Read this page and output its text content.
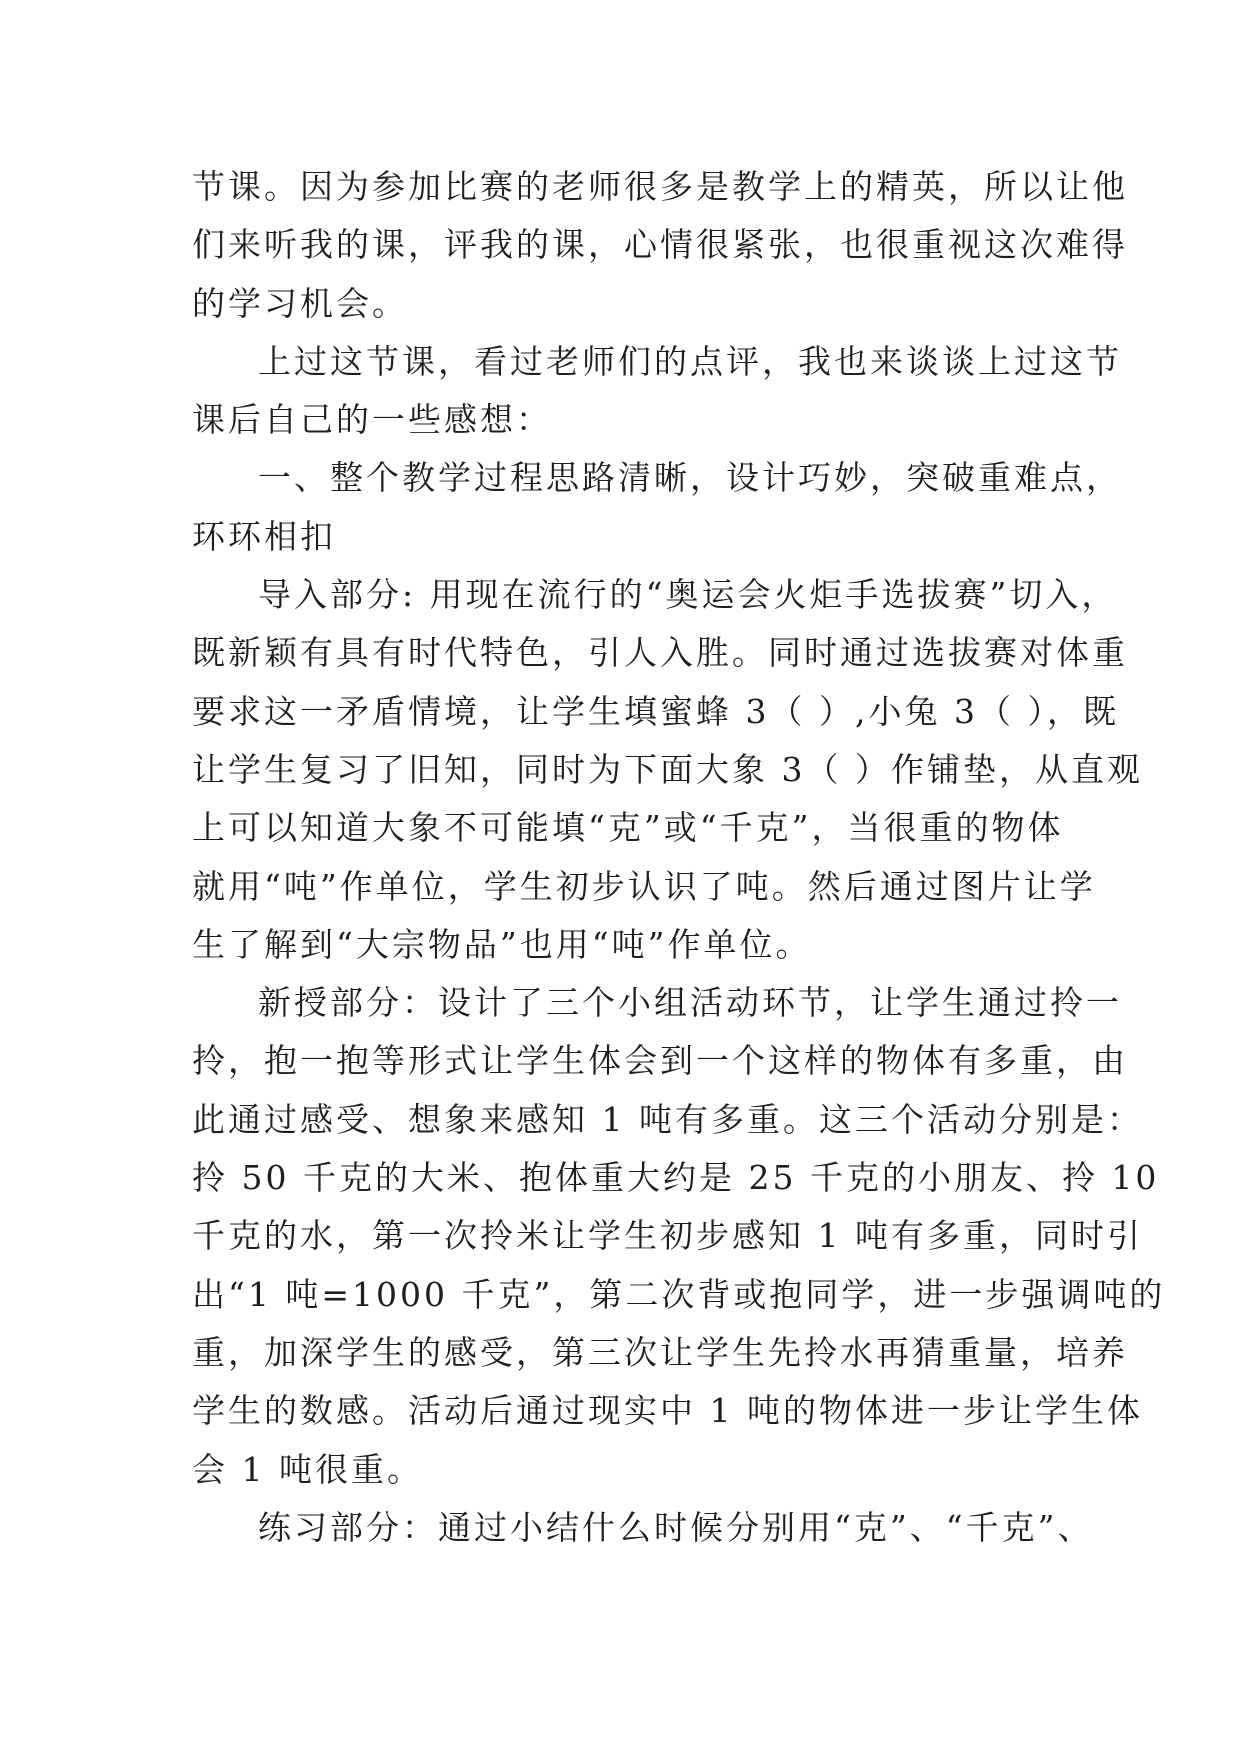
节课。因为参加比赛的老师很多是教学上的精英，所以让他
们来听我的课，评我的课，心情很紧张，也很重视这次难得
的学习机会。
上过这节课，看过老师们的点评，我也来谈谈上过这节
课后自己的一些感想：
一、整个教学过程思路清晰，设计巧妙，突破重难点，
环环相扣
导入部分: 用现在流行的“奥运会火炬手选拔赛”切入，
既新颖有具有时代特色，引人入胜。同时通过选拔赛对体重
要求这一矛盾情境，让学生填蜜蜂 3（ ）,小兔 3（ ），既
让学生复习了旧知，同时为下面大象 3（ ）作铺垫，从直观
上可以知道大象不可能填“克”或“千克”，当很重的物体
就用“吨”作单位，学生初步认识了吨。然后通过图片让学
生了解到“大宗物品”也用“吨”作单位。
新授部分：设计了三个小组活动环节，让学生通过拎一
拎，抱一抱等形式让学生体会到一个这样的物体有多重，由
此通过感受、想象来感知 1 吨有多重。这三个活动分别是：
拎 50 千克的大米、抱体重大约是 25 千克的小朋友、拎 10
千克的水，第一次拎米让学生初步感知 1 吨有多重，同时引
出“1 吨=1000 千克”，第二次背或抱同学，进一步强调吨的
重，加深学生的感受，第三次让学生先拎水再猜重量，培养
学生的数感。活动后通过现实中 1 吨的物体进一步让学生体
会 1 吨很重。
练习部分：通过小结什么时候分别用“克”、“千克”、
